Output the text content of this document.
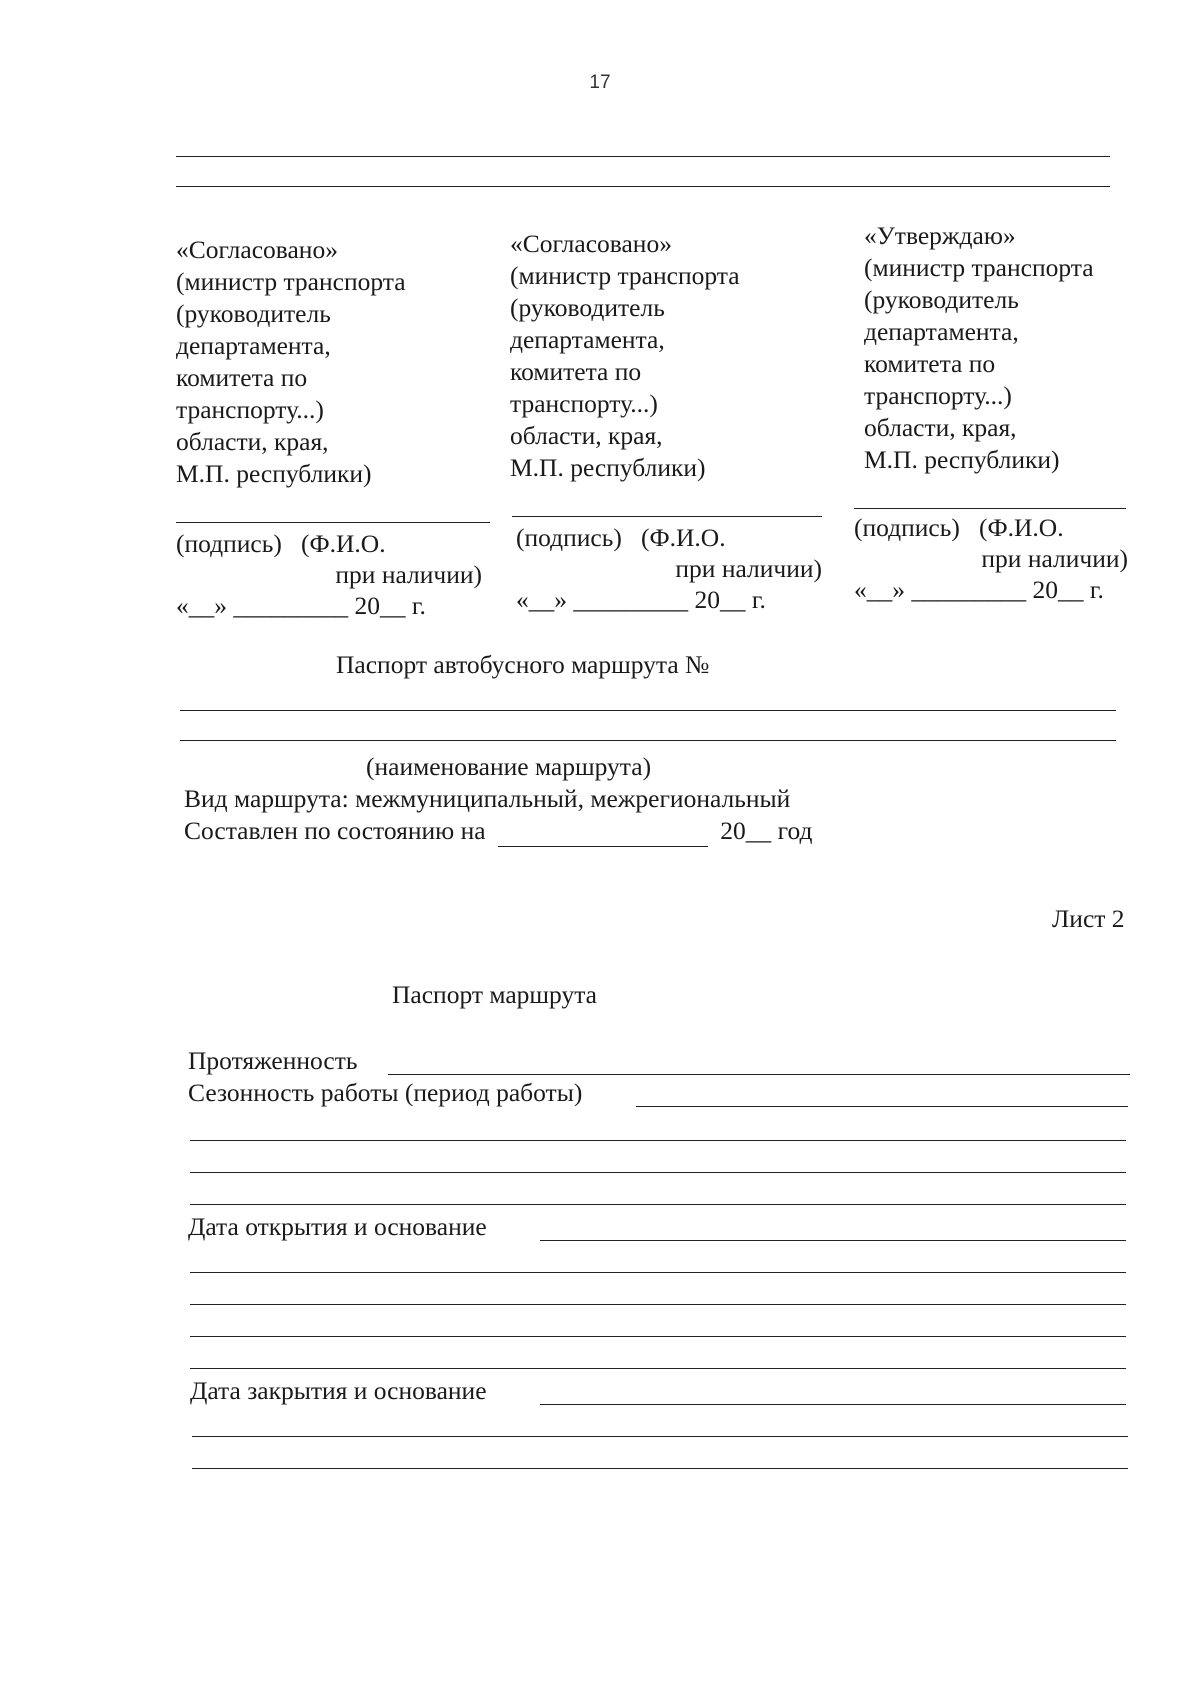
17
«Согласовано»
(министр транспорта
(руководитель
департамента,
комитета по
транспорту...)
области, края,
М.П. республики)
(подпись) (Ф.И.О.
при наличии)
«__» _________ 20__ г.
«Согласовано»
(министр транспорта
(руководитель
департамента,
комитета по
транспорту...)
области, края,
М.П. республики)
(подпись) (Ф.И.О.
при наличии)
«__» _________ 20__ г.
«Утверждаю»
(министр транспорта
(руководитель
департамента,
комитета по
транспорту...)
области, края,
М.П. республики)
(подпись) (Ф.И.О.
при наличии)
«__» _________ 20__ г.
Паспорт автобусного маршрута №
(наименование маршрута)
Вид маршрута: межмуниципальный, межрегиональный
Составлен по состоянию на	20__ год
Лист 2
Паспорт маршрута
Протяженность
Сезонность работы (период работы)
Дата открытия и основание
Дата закрытия и основание
